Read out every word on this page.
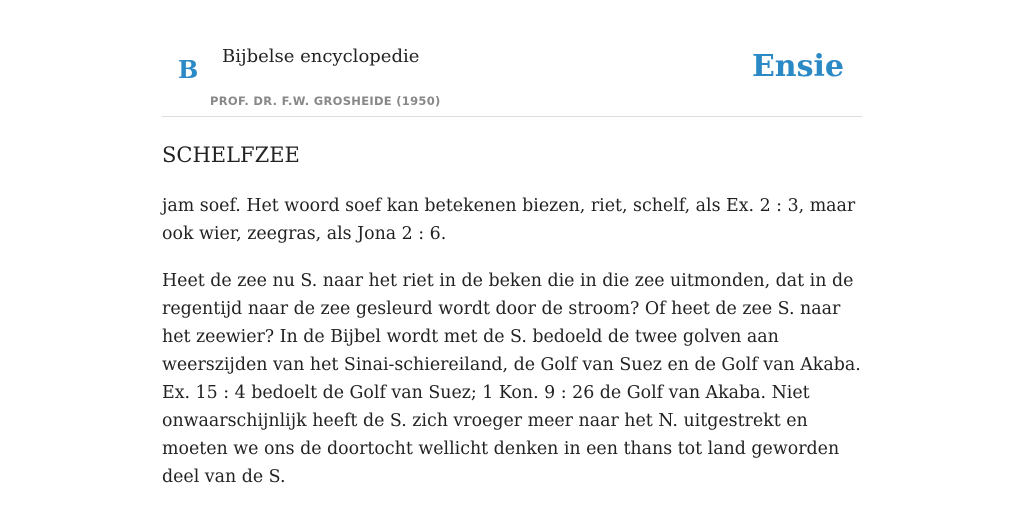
B Bijbelse encyclopedie
PROF. DR. F.W. GROSHEIDE (1950)
Ensie
SCHELFZEE

jam soef. Het woord soef kan betekenen biezen, riet, schelf, als Ex. 2 : 3, maar ook wier, zeegras, als Jona 2 : 6.

Heet de zee nu S. naar het riet in de beken die in die zee uitmonden, dat in de regentijd naar de zee gesleurd wordt door de stroom? Of heet de zee S. naar het zeewier? In de Bijbel wordt met de S. bedoeld de twee golven aan weerszijden van het Sinai-schiereiland, de Golf van Suez en de Golf van Akaba. Ex. 15 : 4 bedoelt de Golf van Suez; 1 Kon. 9 : 26 de Golf van Akaba. Niet onwaarschijnlijk heeft de S. zich vroeger meer naar het N. uitgestrekt en moeten we ons de doortocht wellicht denken in een thans tot land geworden deel van de S.
